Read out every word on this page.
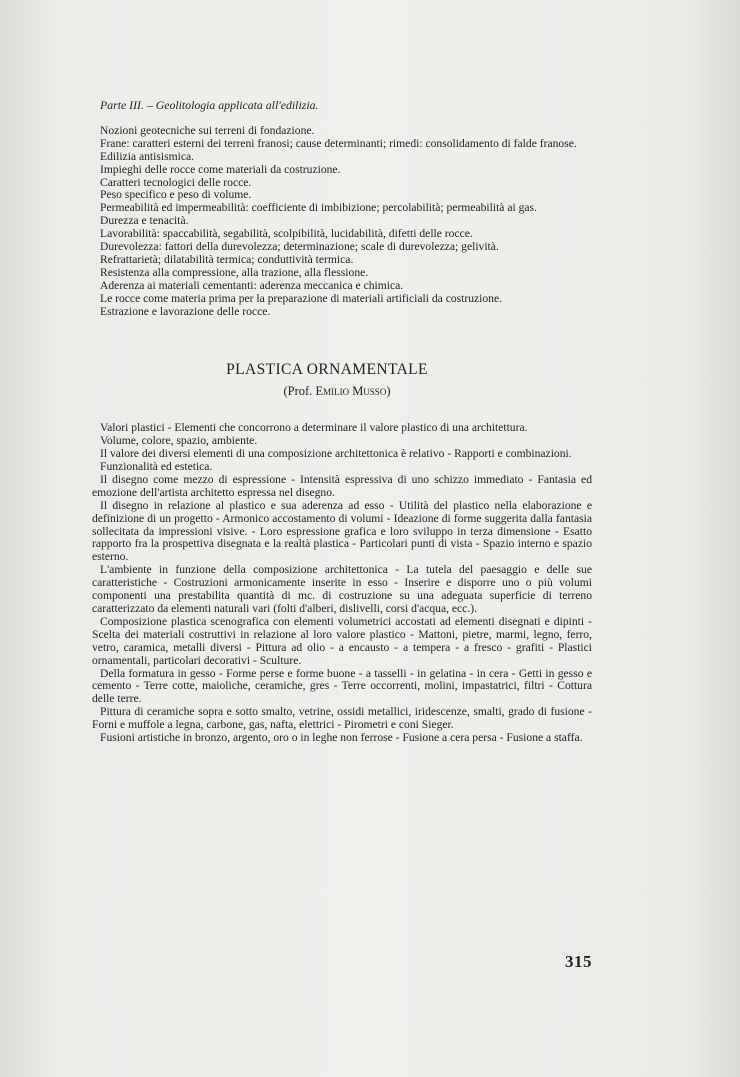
Parte III. – Geolitologia applicata all'edilizia.

Nozioni geotecniche sui terreni di fondazione.

Frane: caratteri esterni dei terreni franosi; cause determinanti; rimedi: consolidamento di falde franose.

Edilizia antisismica.

Impieghi delle rocce come materiali da costruzione.

Caratteri tecnologici delle rocce.

Peso specifico e peso di volume.

Permeabilità ed impermeabilità: coefficiente di imbibizione; percolabilità; permeabilità ai gas.

Durezza e tenacità.

Lavorabilità: spaccabilità, segabilità, scolpibilità, lucidabilità, difetti delle rocce.

Durevolezza: fattori della durevolezza; determinazione; scale di durevolezza; gelività.

Refrattarietà; dilatabilità termica; conduttività termica.

Resistenza alla compressione, alla trazione, alla flessione.

Aderenza ai materiali cementanti: aderenza meccanica e chimica.

Le rocce come materia prima per la preparazione di materiali artificiali da costruzione.

Estrazione e lavorazione delle rocce.

PLASTICA ORNAMENTALE
(Prof. Emilio Musso)

Valori plastici - Elementi che concorrono a determinare il valore plastico di una architettura.

Volume, colore, spazio, ambiente.

Il valore dei diversi elementi di una composizione architettonica è relativo - Rapporti e combinazioni.

Funzionalità ed estetica.

Il disegno come mezzo di espressione - Intensità espressiva di uno schizzo immediato - Fantasia ed emozione dell'artista architetto espressa nel disegno.

Il disegno in relazione al plastico e sua aderenza ad esso - Utilità del plastico nella elaborazione e definizione di un progetto - Armonico accostamento di volumi - Ideazione di forme suggerita dalla fantasia sollecitata da impressioni visive. - Loro espressione grafica e loro sviluppo in terza dimensione - Esatto rapporto fra la prospettiva disegnata e la realtà plastica - Particolari punti di vista - Spazio interno e spazio esterno.

L'ambiente in funzione della composizione architettonica - La tutela del paesaggio e delle sue caratteristiche - Costruzioni armonicamente inserite in esso - Inserire e disporre uno o più volumi componenti una prestabilita quantità di mc. di costruzione su una adeguata superficie di terreno caratterizzato da elementi naturali vari (folti d'alberi, dislivelli, corsi d'acqua, ecc.).

Composizione plastica scenografica con elementi volumetrici accostati ad elementi disegnati e dipinti - Scelta dei materiali costruttivi in relazione al loro valore plastico - Mattoni, pietre, marmi, legno, ferro, vetro, caramica, metalli diversi - Pittura ad olio - a encausto - a tempera - a fresco - grafiti - Plastici ornamentali, particolari decorativi - Sculture.

Della formatura in gesso - Forme perse e forme buone - a tasselli - in gelatina - in cera - Getti in gesso e cemento - Terre cotte, maioliche, ceramiche, gres - Terre occorrenti, molini, impastatrici, filtri - Cottura delle terre.

Pittura di ceramiche sopra e sotto smalto, vetrine, ossidi metallici, iridescenze, smalti, grado di fusione - Forni e muffole a legna, carbone, gas, nafta, elettrici - Pirometri e coni Sieger.

Fusioni artistiche in bronzo, argento, oro o in leghe non ferrose - Fusione a cera persa - Fusione a staffa.

315
